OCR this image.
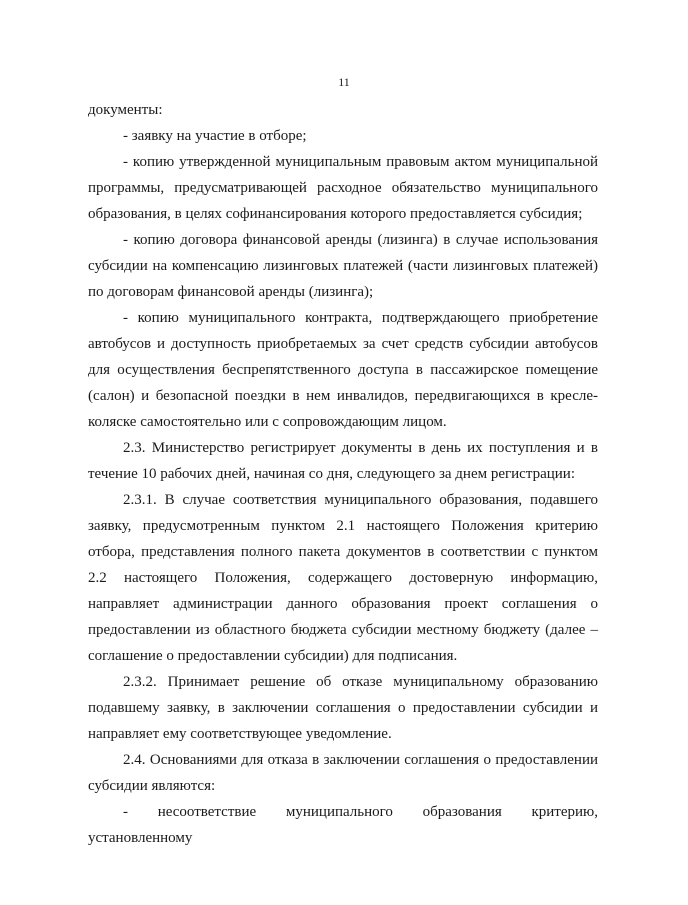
11

документы:

- заявку на участие в отборе;

- копию утвержденной муниципальным правовым актом муниципальной программы, предусматривающей расходное обязательство муниципального образования, в целях софинансирования которого предоставляется субсидия;

- копию договора финансовой аренды (лизинга) в случае использования субсидии на компенсацию лизинговых платежей (части лизинговых платежей) по договорам финансовой аренды (лизинга);

- копию муниципального контракта, подтверждающего приобретение автобусов и доступность приобретаемых за счет средств субсидии автобусов для осуществления беспрепятственного доступа в пассажирское помещение (салон) и безопасной поездки в нем инвалидов, передвигающихся в кресле-коляске самостоятельно или с сопровождающим лицом.

2.3. Министерство регистрирует документы в день их поступления и в течение 10 рабочих дней, начиная со дня, следующего за днем регистрации:

2.3.1. В случае соответствия муниципального образования, подавшего заявку, предусмотренным пунктом 2.1 настоящего Положения критерию отбора, представления полного пакета документов в соответствии с пунктом 2.2 настоящего Положения, содержащего достоверную информацию, направляет администрации данного образования проект соглашения о предоставлении из областного бюджета субсидии местному бюджету (далее – соглашение о предоставлении субсидии) для подписания.

2.3.2. Принимает решение об отказе муниципальному образованию подавшему заявку, в заключении соглашения о предоставлении субсидии и направляет ему соответствующее уведомление.

2.4. Основаниями для отказа в заключении соглашения о предоставлении субсидии являются:

- несоответствие муниципального образования критерию, установленному
